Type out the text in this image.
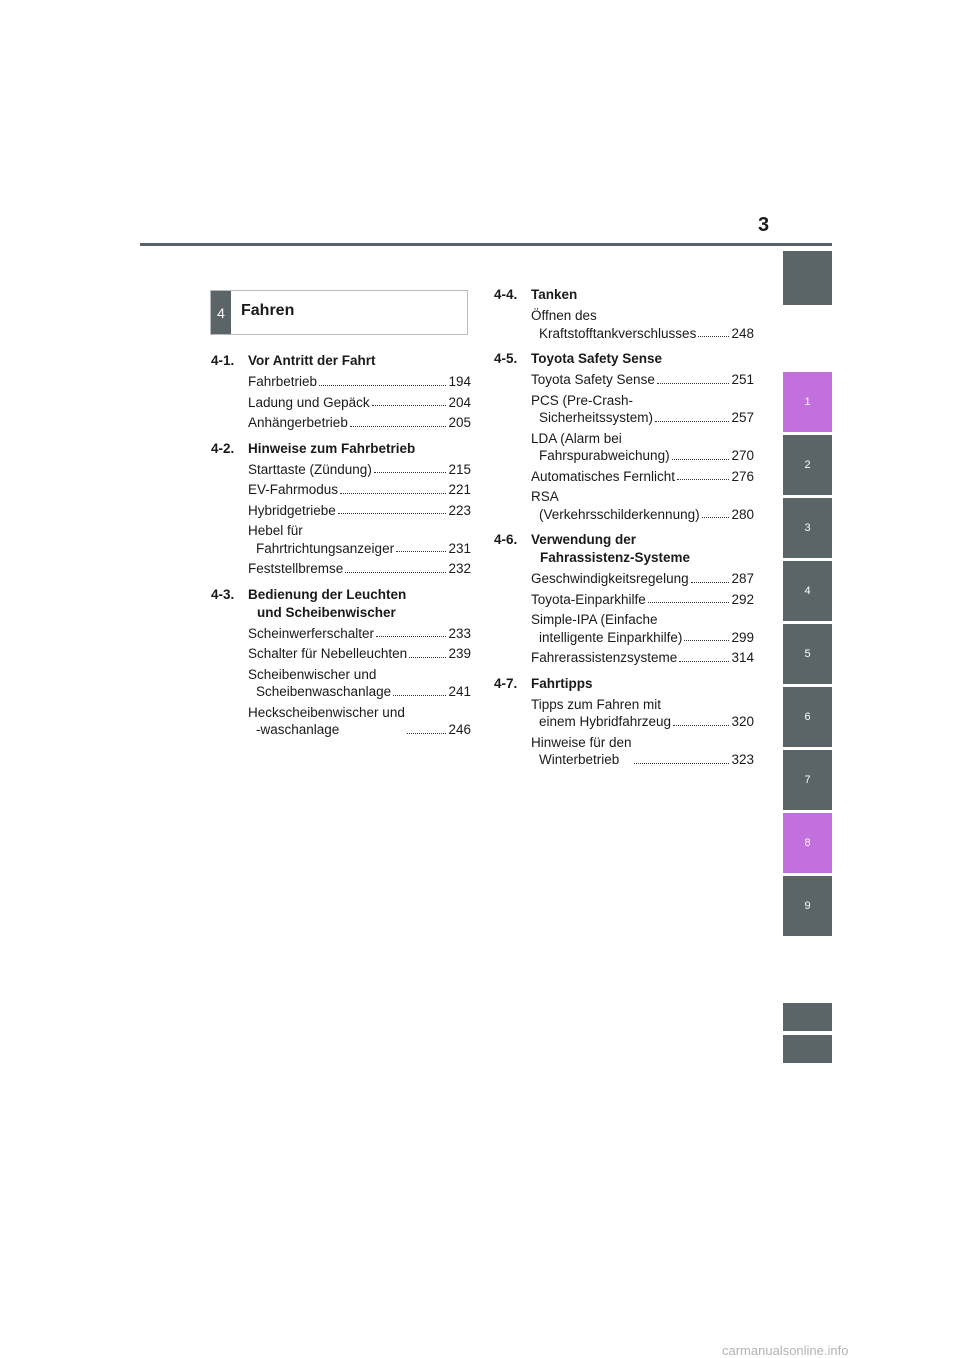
3
4	Fahren
4-1.	Vor Antritt der Fahrt
Fahrbetrieb	194
Ladung und Gepäck	204
Anhängerbetrieb	205
4-2.	Hinweise zum Fahrbetrieb
Starttaste (Zündung)	215
EV-Fahrmodus	221
Hybridgetriebe	223
Hebel für
Fahrtrichtungsanzeiger	231
Feststellbremse	232
4-3.	Bedienung der Leuchten
und Scheibenwischer
Scheinwerferschalter	233
Schalter für Nebelleuchten	239
Scheibenwischer und
Scheibenwaschanlage	241
Heckscheibenwischer und
-waschanlage	246
4-4.	Tanken
Öffnen des
Kraftstofftankverschlusses	248
4-5.	Toyota Safety Sense
Toyota Safety Sense	251
PCS (Pre-Crash-
Sicherheitssystem)	257
LDA (Alarm bei
Fahrspurabweichung)	270
Automatisches Fernlicht	276
RSA
(Verkehrsschilderkennung) 280
4-6.	Verwendung der
Fahrassistenz-Systeme
Geschwindigkeitsregelung	287
Toyota-Einparkhilfe	292
Simple-IPA (Einfache
intelligente Einparkhilfe)	299
Fahrerassistenzsysteme	314
4-7.	Fahrtipps
Tipps zum Fahren mit
einem Hybridfahrzeug	320
Hinweise für den
Winterbetrieb	323
1
2
3
4
5
6
7
8
9
carmanualsonline.info
